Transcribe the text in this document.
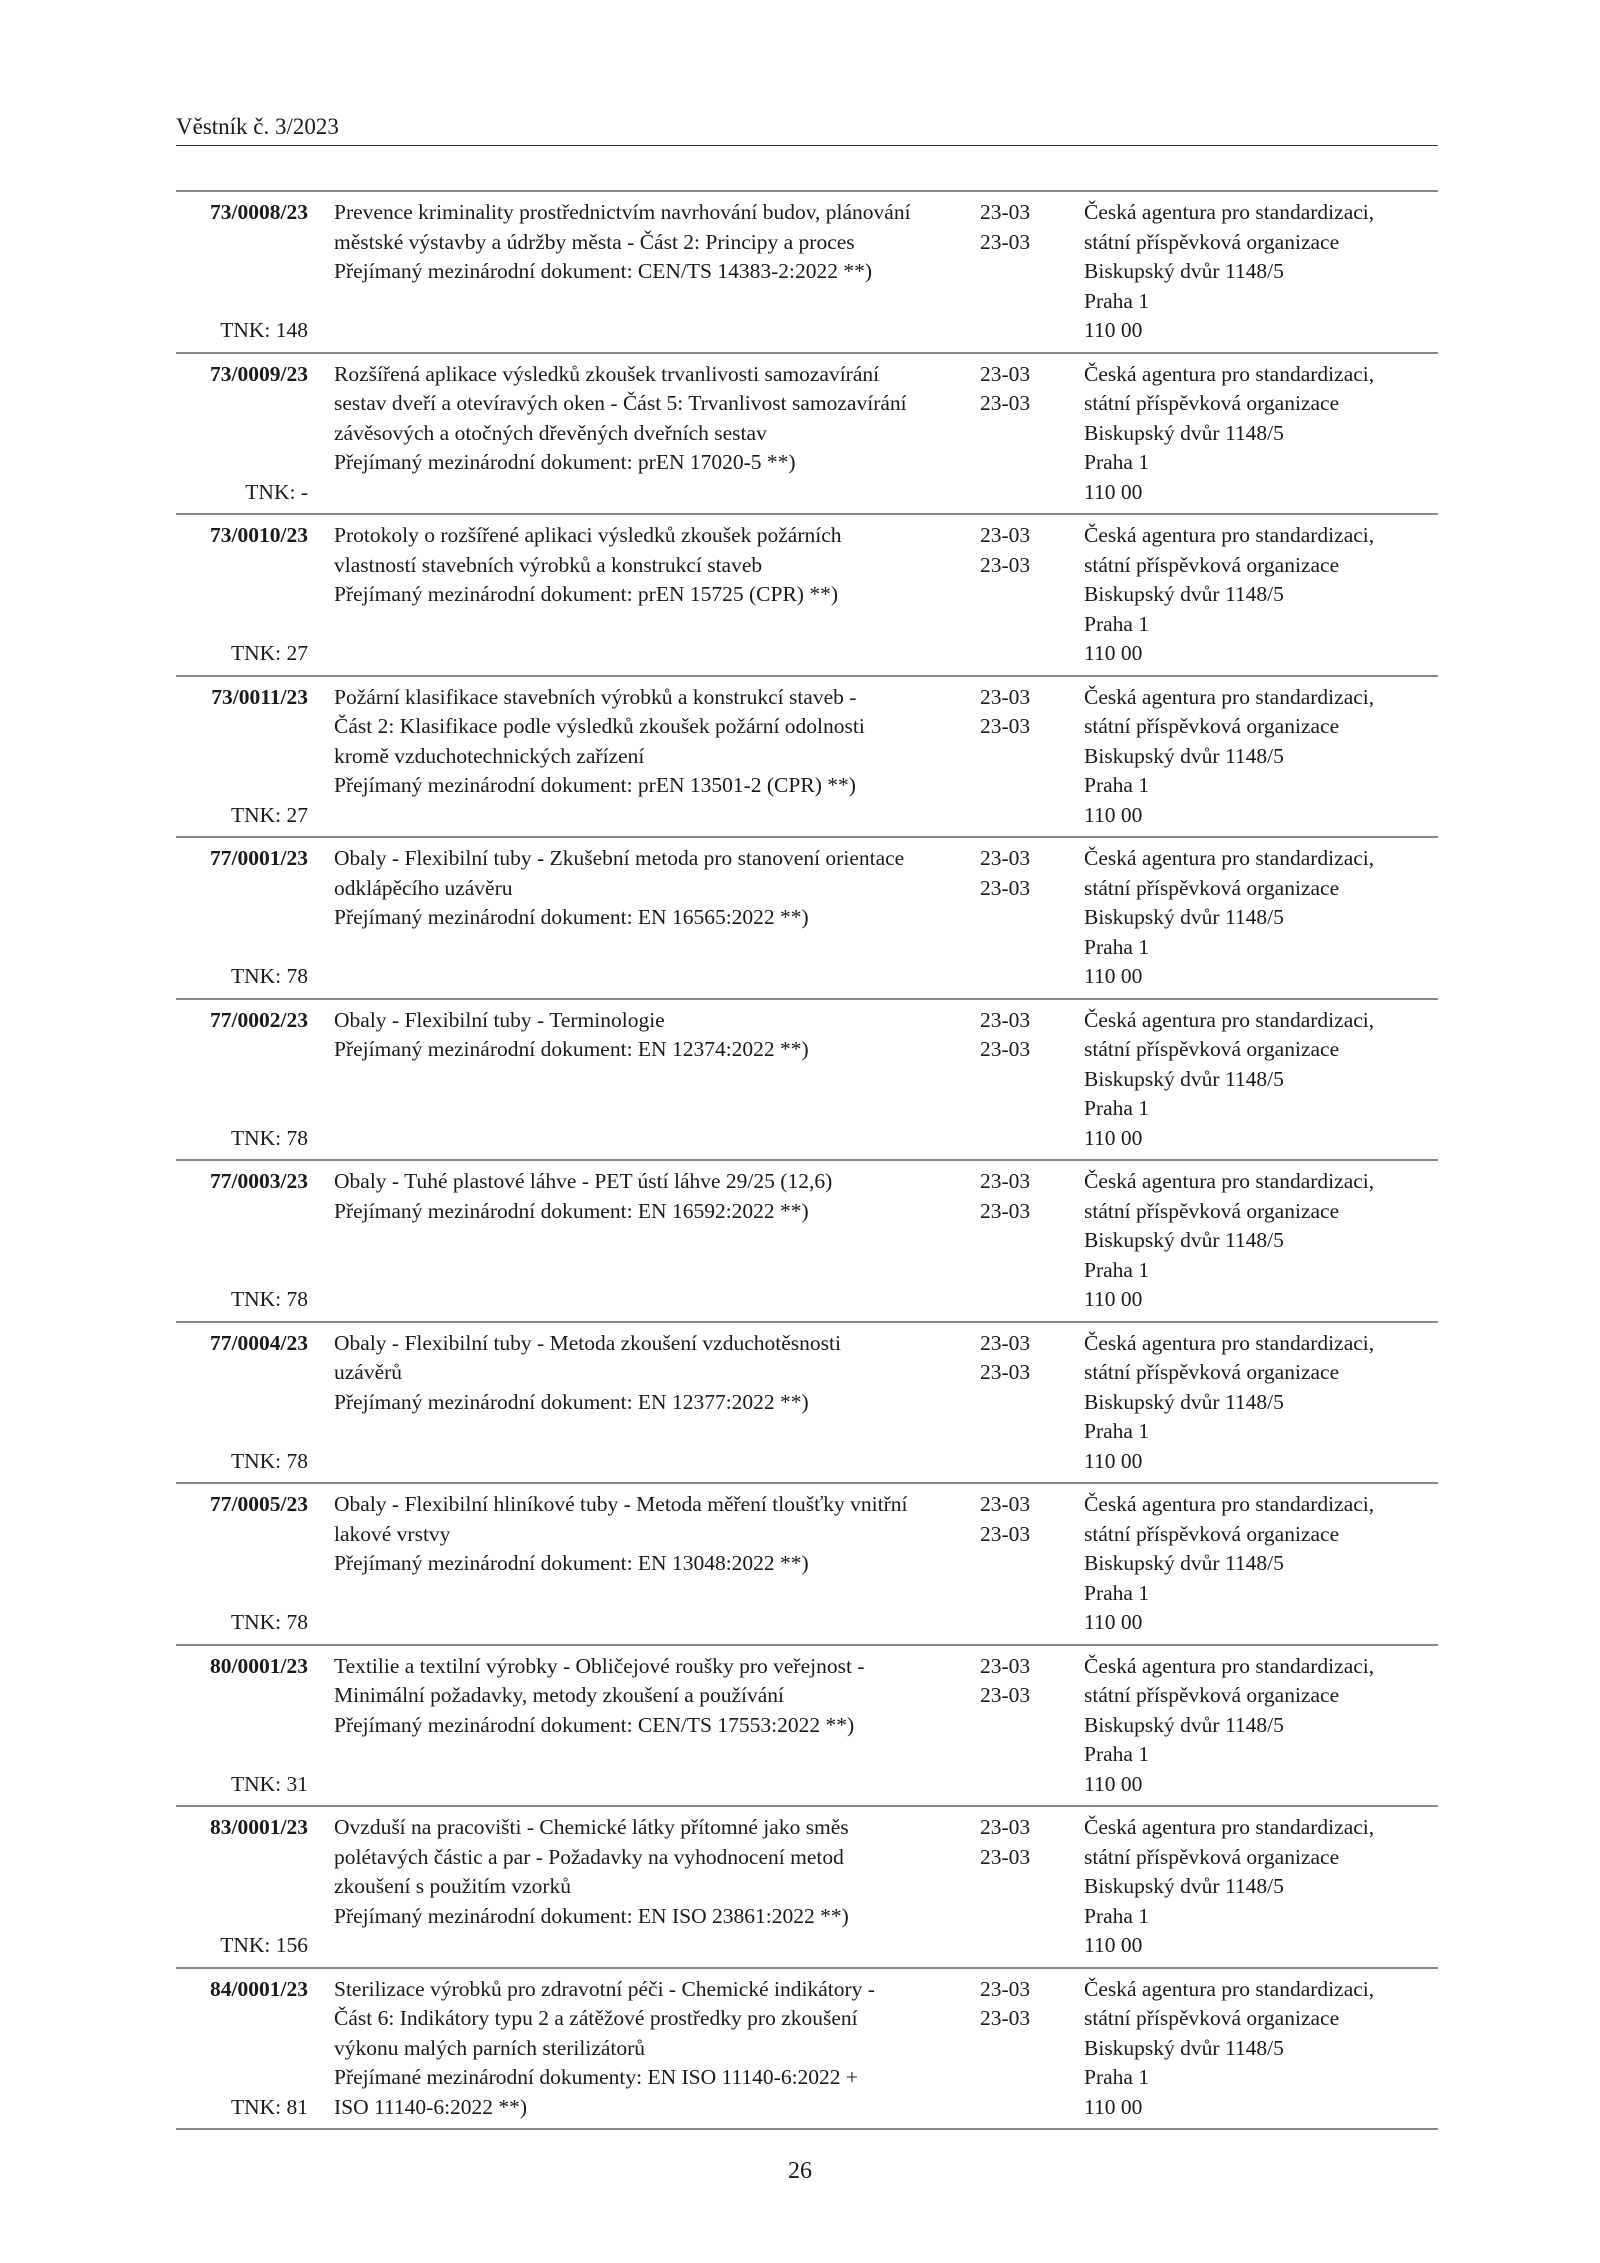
Věstník č. 3/2023
73/0008/23
TNK: 148
Prevence kriminality prostřednictvím navrhování budov, plánování
městské výstavby a údržby města - Část 2: Principy a proces
Přejímaný mezinárodní dokument: CEN/TS 14383-2:2022 **)
23-03
23-03
Česká agentura pro standardizaci,
státní příspěvková organizace
Biskupský dvůr 1148/5
Praha 1
110 00
73/0009/23
TNK: -
Rozšířená aplikace výsledků zkoušek trvanlivosti samozavírání
sestav dveří a otevíravých oken - Část 5: Trvanlivost samozavírání
závěsových a otočných dřevěných dveřních sestav
Přejímaný mezinárodní dokument: prEN 17020-5 **)
23-03
23-03
Česká agentura pro standardizaci,
státní příspěvková organizace
Biskupský dvůr 1148/5
Praha 1
110 00
73/0010/23
TNK: 27
Protokoly o rozšířené aplikaci výsledků zkoušek požárních
vlastností stavebních výrobků a konstrukcí staveb
Přejímaný mezinárodní dokument: prEN 15725 (CPR) **)
23-03
23-03
Česká agentura pro standardizaci,
státní příspěvková organizace
Biskupský dvůr 1148/5
Praha 1
110 00
73/0011/23
TNK: 27
Požární klasifikace stavebních výrobků a konstrukcí staveb -
Část 2: Klasifikace podle výsledků zkoušek požární odolnosti
kromě vzduchotechnických zařízení
Přejímaný mezinárodní dokument: prEN 13501-2 (CPR) **)
23-03
23-03
Česká agentura pro standardizaci,
státní příspěvková organizace
Biskupský dvůr 1148/5
Praha 1
110 00
77/0001/23
TNK: 78
Obaly - Flexibilní tuby - Zkušební metoda pro stanovení orientace
odklápěcího uzávěru
Přejímaný mezinárodní dokument: EN 16565:2022 **)
23-03
23-03
Česká agentura pro standardizaci,
státní příspěvková organizace
Biskupský dvůr 1148/5
Praha 1
110 00
77/0002/23
TNK: 78
Obaly - Flexibilní tuby - Terminologie
Přejímaný mezinárodní dokument: EN 12374:2022 **)
23-03
23-03
Česká agentura pro standardizaci,
státní příspěvková organizace
Biskupský dvůr 1148/5
Praha 1
110 00
77/0003/23
TNK: 78
Obaly - Tuhé plastové láhve - PET ústí láhve 29/25 (12,6)
Přejímaný mezinárodní dokument: EN 16592:2022 **)
23-03
23-03
Česká agentura pro standardizaci,
státní příspěvková organizace
Biskupský dvůr 1148/5
Praha 1
110 00
77/0004/23
TNK: 78
Obaly - Flexibilní tuby - Metoda zkoušení vzduchotěsnosti
uzávěrů
Přejímaný mezinárodní dokument: EN 12377:2022 **)
23-03
23-03
Česká agentura pro standardizaci,
státní příspěvková organizace
Biskupský dvůr 1148/5
Praha 1
110 00
77/0005/23
TNK: 78
Obaly - Flexibilní hliníkové tuby - Metoda měření tloušťky vnitřní
lakové vrstvy
Přejímaný mezinárodní dokument: EN 13048:2022 **)
23-03
23-03
Česká agentura pro standardizaci,
státní příspěvková organizace
Biskupský dvůr 1148/5
Praha 1
110 00
80/0001/23
TNK: 31
Textilie a textilní výrobky - Obličejové roušky pro veřejnost -
Minimální požadavky, metody zkoušení a používání
Přejímaný mezinárodní dokument: CEN/TS 17553:2022 **)
23-03
23-03
Česká agentura pro standardizaci,
státní příspěvková organizace
Biskupský dvůr 1148/5
Praha 1
110 00
83/0001/23
TNK: 156
Ovzduší na pracovišti - Chemické látky přítomné jako směs
polétavých částic a par - Požadavky na vyhodnocení metod
zkoušení s použitím vzorků
Přejímaný mezinárodní dokument: EN ISO 23861:2022 **)
23-03
23-03
Česká agentura pro standardizaci,
státní příspěvková organizace
Biskupský dvůr 1148/5
Praha 1
110 00
84/0001/23
TNK: 81
Sterilizace výrobků pro zdravotní péči - Chemické indikátory -
Část 6: Indikátory typu 2 a zátěžové prostředky pro zkoušení
výkonu malých parních sterilizátorů
Přejímané mezinárodní dokumenty: EN ISO 11140-6:2022 +
ISO 11140-6:2022 **)
23-03
23-03
Česká agentura pro standardizaci,
státní příspěvková organizace
Biskupský dvůr 1148/5
Praha 1
110 00
26
